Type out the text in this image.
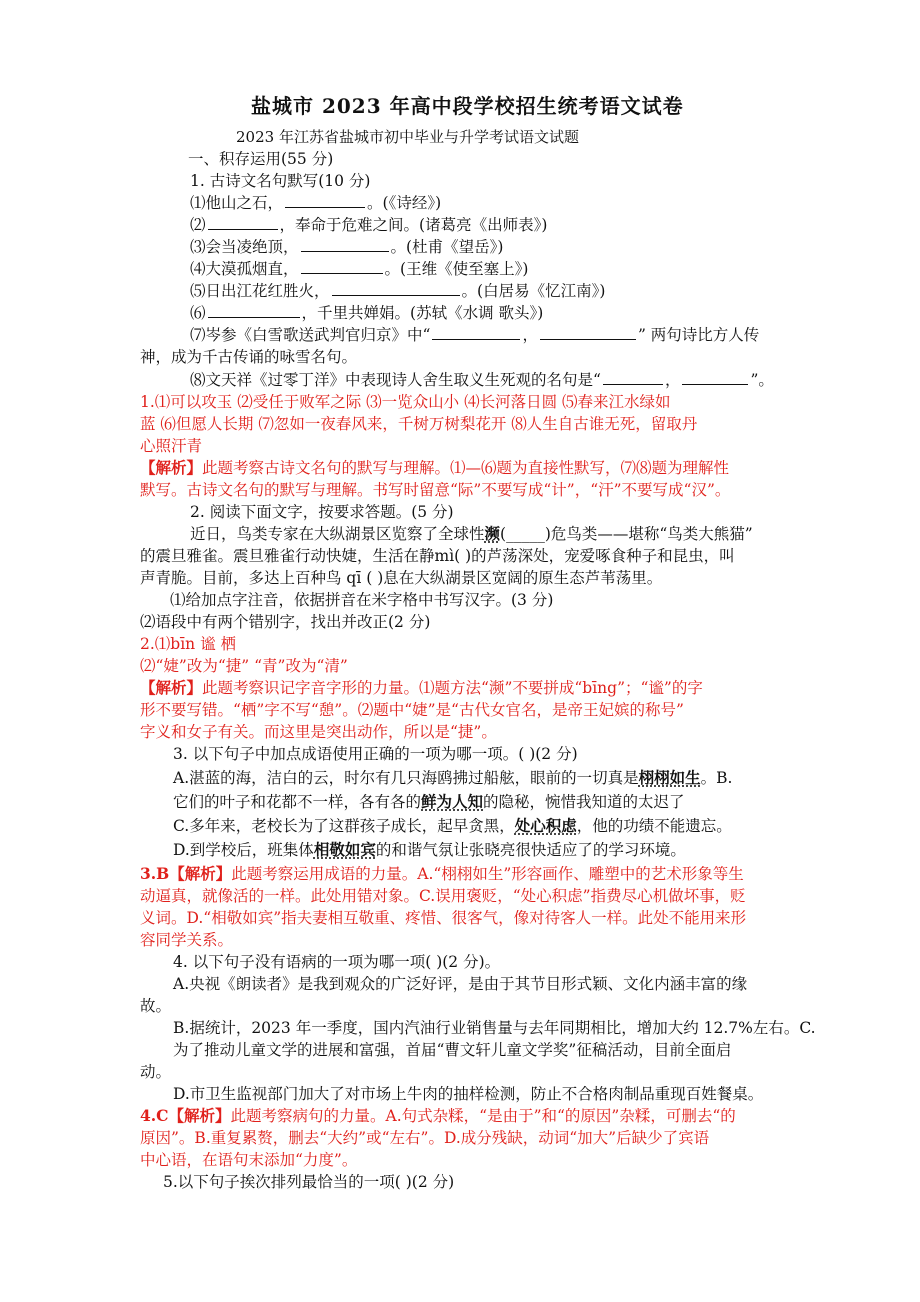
盐城市 2023 年高中段学校招生统考语文试卷
2023 年江苏省盐城市初中毕业与升学考试语文试题
一、积存运用(55 分)
1. 古诗文名句默写(10 分)
⑴他山之石，	。(《诗经》)
⑵	，奉命于危难之间。(诸葛亮《出师表》)
⑶会当凌绝顶，	。(杜甫《望岳》)
⑷大漠孤烟直，	。(王维《使至塞上》)
⑸日出江花红胜火，	。(白居易《忆江南》)
⑹	，千里共婵娟。(苏轼《水调 歌头》)
⑺岑参《白雪歌送武判官归京》中“	，	” 两句诗比方人传
神，成为千古传诵的咏雪名句。
⑻文天祥《过零丁洋》中表现诗人舍生取义生死观的名句是“	，	”。
1.⑴可以攻玉 ⑵受任于败军之际 ⑶一览众山小 ⑷长河落日圆 ⑸春来江水绿如
蓝 ⑹但愿人长期 ⑺忽如一夜春风来，千树万树梨花开 ⑻人生自古谁无死，留取丹
心照汗青
【解析】此题考察古诗文名句的默写与理解。⑴—⑹题为直接性默写，⑺⑻题为理解性
默写。古诗文名句的默写与理解。书写时留意“际”不要写成“计”，“汗”不要写成“汉”。
2. 阅读下面文字，按要求答题。(5 分)
近日，鸟类专家在大纵湖景区览察了全球性濒(_____)危鸟类——堪称“鸟类大熊猫”
的震旦雅雀。震旦雅雀行动快婕，生活在静mì( )的芦荡深处，宠爱啄食种子和昆虫，叫
声青脆。目前，多达上百种鸟 qī ( )息在大纵湖景区宽阔的原生态芦苇荡里。
⑴给加点字注音，依据拼音在米字格中书写汉字。(3 分)
⑵语段中有两个错别字，找出并改正(2 分)
2.⑴bīn 谧 栖
⑵“婕”改为“捷” “青”改为“清”
【解析】此题考察识记字音字形的力量。⑴题方法“濒”不要拼成“bīng”；“谧”的字
形不要写错。“栖”字不写“憩”。⑵题中“婕”是“古代女官名，是帝王妃嫔的称号”
字义和女子有关。而这里是突出动作，所以是“捷”。
3. 以下句子中加点成语使用正确的一项为哪一项。( )(2 分)
A.湛蓝的海，洁白的云，时尔有几只海鸥拂过船舷，眼前的一切真是栩栩如生。B.
它们的叶子和花都不一样，各有各的鲜为人知的隐秘，惋惜我知道的太迟了
C.多年来，老校长为了这群孩子成长，起早贪黑，处心积虑，他的功绩不能遗忘。
D.到学校后，班集体相敬如宾的和谐气氛让张晓亮很快适应了的学习环境。
3.B【解析】此题考察运用成语的力量。A.“栩栩如生”形容画作、雕塑中的艺术形象等生
动逼真，就像活的一样。此处用错对象。C.误用褒贬，“处心积虑”指费尽心机做坏事，贬
义词。D.“相敬如宾”指夫妻相互敬重、疼惜、很客气，像对待客人一样。此处不能用来形
容同学关系。
4. 以下句子没有语病的一项为哪一项( )(2 分)。
A.央视《朗读者》是我到观众的广泛好评，是由于其节目形式颖、文化内涵丰富的缘
故。
B.据统计，2023 年一季度，国内汽油行业销售量与去年同期相比，增加大约 12.7%左右。C.
为了推动儿童文学的进展和富强，首届“曹文轩儿童文学奖”征稿活动，目前全面启
动。
D.市卫生监视部门加大了对市场上牛肉的抽样检测，防止不合格肉制品重现百姓餐桌。
4.C【解析】此题考察病句的力量。A.句式杂糅，“是由于”和“的原因”杂糅，可删去“的
原因”。B.重复累赘，删去“大约”或“左右”。D.成分残缺，动词“加大”后缺少了宾语
中心语，在语句末添加“力度”。
5.以下句子挨次排列最恰当的一项( )(2 分)
